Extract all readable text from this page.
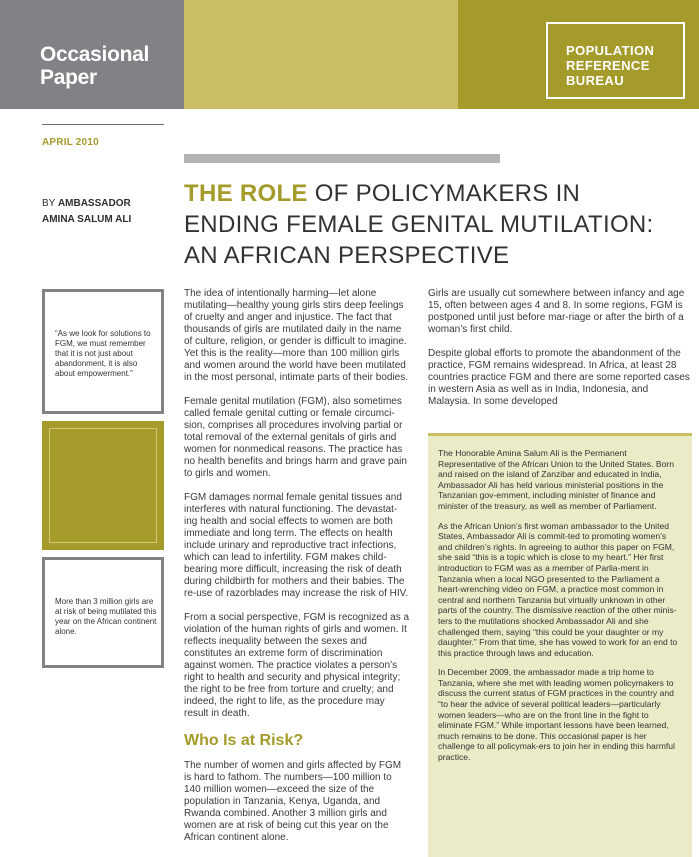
Occasional
Paper
POPULATION
REFERENCE
BUREAU
APRIL 2010
BY AMBASSADOR
AMINA SALUM ALI
THE ROLE OF POLICYMAKERS IN
ENDING FEMALE GENITAL MUTILATION:
AN AFRICAN PERSPECTIVE
“As we look for solutions to FGM, we must remember that it is not just about abandonment, it is also about empowerment.”
More than 3 million girls are at risk of being mutilated this year on the African continent alone.

The idea of intentionally harming—let alone mutilating—healthy young girls stirs deep feelings of cruelty and anger and injustice. The fact that thousands of girls are mutilated daily in the name of culture, religion, or gender is difficult to imagine. Yet this is the reality—more than 100 million girls and women around the world have been mutilated in the most personal, intimate parts of their bodies.

Female genital mutilation (FGM), also sometimes called female genital cutting or female circumci-sion, comprises all procedures involving partial or total removal of the external genitals of girls and women for nonmedical reasons. The practice has no health benefits and brings harm and grave pain to girls and women.

FGM damages normal female genital tissues and interferes with natural functioning. The devastat-ing health and social effects to women are both immediate and long term. The effects on health include urinary and reproductive tract infections, which can lead to infertility. FGM makes child-bearing more difficult, increasing the risk of death during childbirth for mothers and their babies. The re-use of razorblades may increase the risk of HIV.

From a social perspective, FGM is recognized as a violation of the human rights of girls and women. It reflects inequality between the sexes and constitutes an extreme form of discrimination against women. The practice violates a person’s right to health and security and physical integrity; the right to be free from torture and cruelty; and indeed, the right to life, as the procedure may result in death.

Who Is at Risk?

The number of women and girls affected by FGM is hard to fathom. The numbers—100 million to 140 million women—exceed the size of the population in Tanzania, Kenya, Uganda, and Rwanda combined. Another 3 million girls and women are at risk of being cut this year on the African continent alone.

Girls are usually cut somewhere between infancy and age 15, often between ages 4 and 8. In some regions, FGM is postponed until just before mar-riage or after the birth of a woman’s first child.

Despite global efforts to promote the abandonment of the practice, FGM remains widespread. In Africa, at least 28 countries practice FGM and there are some reported cases in western Asia as well as in India, Indonesia, and Malaysia. In some developed

The Honorable Amina Salum Ali is the Permanent Representative of the African Union to the United States. Born and raised on the island of Zanzibar and educated in India, Ambassador Ali has held various ministerial positions in the Tanzanian gov-ernment, including minister of finance and minister of the treasury, as well as member of Parliament.

As the African Union’s first woman ambassador to the United States, Ambassador Ali is commit-ted to promoting women’s and children’s rights. In agreeing to author this paper on FGM, she said “this is a topic which is close to my heart.” Her first introduction to FGM was as a member of Parlia-ment in Tanzania when a local NGO presented to the Parliament a heart-wrenching video on FGM, a practice most common in central and northern Tanzania but virtually unknown in other parts of the country. The dismissive reaction of the other minis-ters to the mutilations shocked Ambassador Ali and she challenged them, saying “this could be your daughter or my daughter.” From that time, she has vowed to work for an end to this practice through laws and education.

In December 2009, the ambassador made a trip home to Tanzania, where she met with leading women policymakers to discuss the current status of FGM practices in the country and “to hear the advice of several political leaders—particularly women leaders—who are on the front line in the fight to eliminate FGM.” While important lessons have been learned, much remains to be done. This occasional paper is her challenge to all policymak-ers to join her in ending this harmful practice.
